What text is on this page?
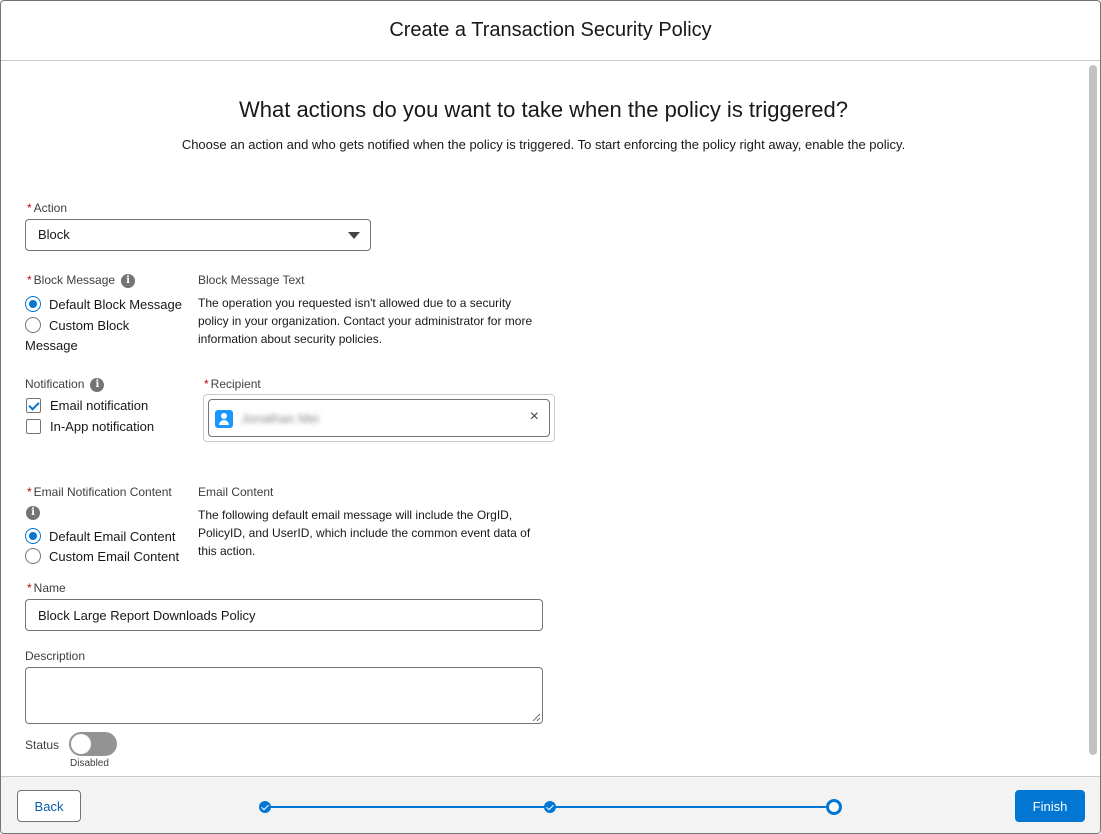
Create a Transaction Security Policy
What actions do you want to take when the policy is triggered?
Choose an action and who gets notified when the policy is triggered. To start enforcing the policy right away, enable the policy.
* Action
Block
* Block Message i
Default Block Message
Custom Block
Message
Block Message Text
The operation you requested isn't allowed due to a security policy in your organization. Contact your administrator for more information about security policies.
Notification i
Email notification
In-App notification
* Recipient
Jonathan Mei	×
* Email Notification Content
i
Default Email Content
Custom Email Content
Email Content
The following default email message will include the OrgID, PolicyID, and UserID, which include the common event data of this action.
* Name
Block Large Report Downloads Policy
Description
Status
Disabled
Back	Finish
